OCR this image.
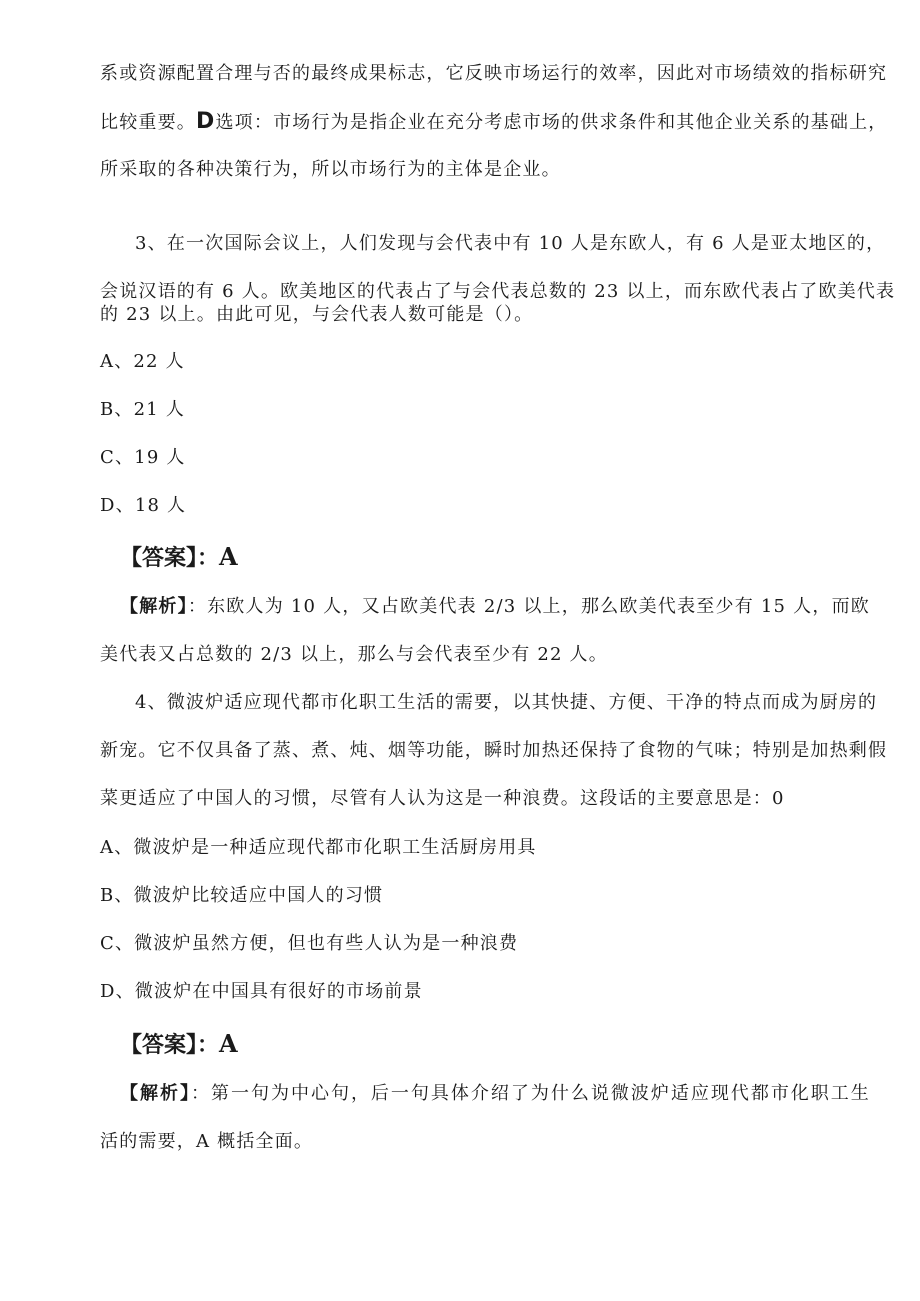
系或资源配置合理与否的最终成果标志，它反映市场运行的效率，因此对市场绩效的指标研究
比较重要。D选项：市场行为是指企业在充分考虑市场的供求条件和其他企业关系的基础上，
所采取的各种决策行为，所以市场行为的主体是企业。
3、在一次国际会议上，人们发现与会代表中有 10 人是东欧人，有 6 人是亚太地区的，
会说汉语的有 6 人。欧美地区的代表占了与会代表总数的 23 以上，而东欧代表占了欧美代表
的 23 以上。由此可见，与会代表人数可能是（）。
A、22 人
B、21 人
C、19 人
D、18 人
【答案】：A
【解析】：东欧人为 10 人，又占欧美代表 2/3 以上，那么欧美代表至少有 15 人，而欧
美代表又占总数的 2/3 以上，那么与会代表至少有 22 人。
4、微波炉适应现代都市化职工生活的需要，以其快捷、方便、干净的特点而成为厨房的
新宠。它不仅具备了蒸、煮、炖、烟等功能，瞬时加热还保持了食物的气味；特别是加热剩假
菜更适应了中国人的习惯，尽管有人认为这是一种浪费。这段话的主要意思是：0
A、微波炉是一种适应现代都市化职工生活厨房用具
B、微波炉比较适应中国人的习惯
C、微波炉虽然方便，但也有些人认为是一种浪费
D、微波炉在中国具有很好的市场前景
【答案】：A
【解析】：第一句为中心句，后一句具体介绍了为什么说微波炉适应现代都市化职工生
活的需要，A 概括全面。
